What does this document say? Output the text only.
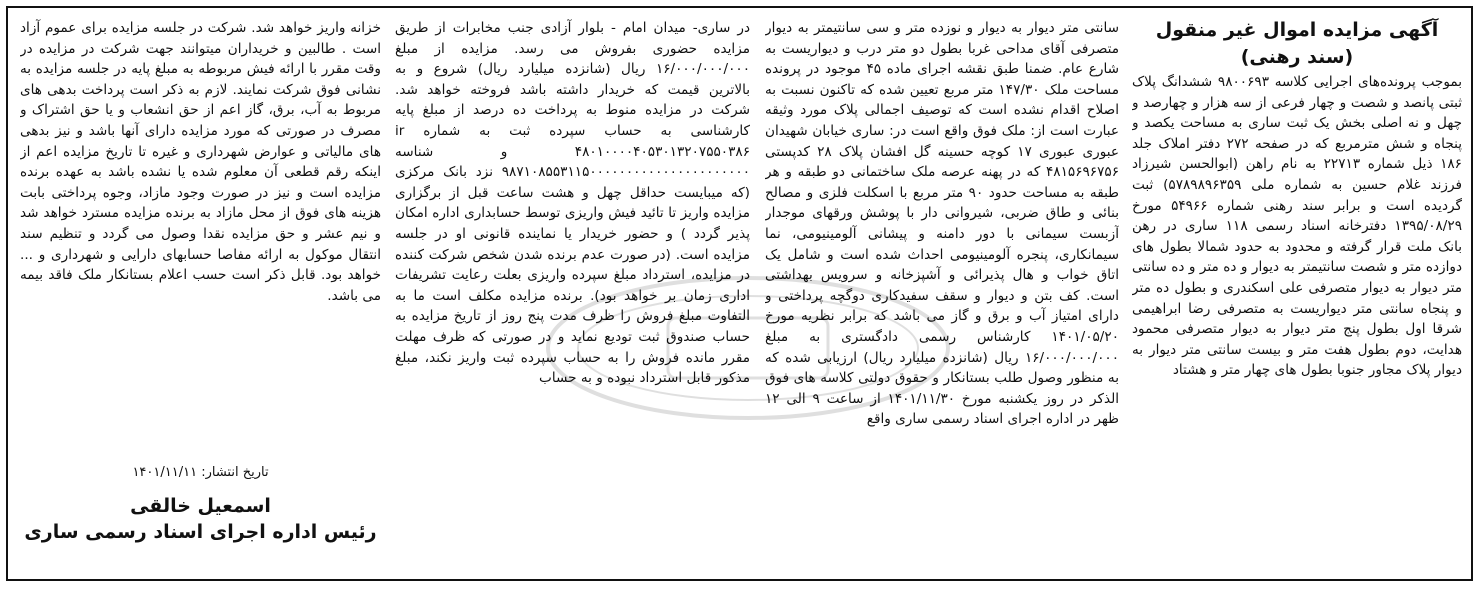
آگهی مزایده اموال غیر منقول
(سند رهنی)

بموجب پرونده‌های اجرایی کلاسه ۹۸۰۰۶۹۳ ششدانگ پلاک ثبتی پانصد و شصت و چهار فرعی از سه هزار و چهارصد و چهل و نه اصلی بخش یک ثبت ساری به مساحت یکصد و پنجاه و شش مترمربع که در صفحه ۲۷۲ دفتر املاک جلد ۱۸۶ ذیل شماره ۲۲۷۱۳ به نام راهن (ابوالحسن شیرزاد فرزند غلام حسین به شماره ملی ۵۷۸۹۸۹۶۳۵۹) ثبت گردیده است و برابر سند رهنی شماره ۵۴۹۶۶ مورخ ۱۳۹۵/۰۸/۲۹ دفترخانه اسناد رسمی ۱۱۸ ساری در رهن بانک ملت قرار گرفته و محدود به حدود شمالا بطول های دوازده متر و شصت سانتیمتر به دیوار و ده متر و ده سانتی متر دیوار به دیوار متصرفی علی اسکندری و بطول ده متر و پنجاه سانتی متر دیواریست به متصرفی رضا ابراهیمی شرقا اول بطول پنج متر دیوار به دیوار متصرفی محمود هدایت، دوم بطول هفت متر و بیست سانتی متر دیوار به دیوار پلاک مجاور جنوبا بطول های چهار متر و هشتاد

سانتی متر دیوار به دیوار و نوزده متر و سی سانتیمتر به دیوار متصرفی آقای مداحی غربا بطول دو متر درب و دیواریست به شارع عام. ضمنا طبق نقشه اجرای ماده ۴۵ موجود در پرونده مساحت ملک ۱۴۷/۳۰ متر مربع تعیین شده که تاکنون نسبت به اصلاح اقدام نشده است که توصیف اجمالی پلاک مورد وثیقه عبارت است از: ملک فوق واقع است در: ساری خیابان شهیدان عبوری عبوری ۱۷ کوچه حسینه گل افشان پلاک ۲۸ کدپستی ۴۸۱۵۶۹۶۷۵۶ که در پهنه عرصه ملک ساختمانی دو طبقه و هر طبقه به مساحت حدود ۹۰ متر مربع با اسکلت فلزی و مصالح بنائی و طاق ضربی، شیروانی دار با پوشش ورقهای موجدار آزبست سیمانی با دور دامنه و پیشانی آلومینیومی، نما سیمانکاری، پنجره آلومینیومی احداث شده است و شامل یک اتاق خواب و هال پذیرائی و آشپزخانه و سرویس بهداشتی است. کف بتن و دیوار و سقف سفیدکاری دوگچه پرداختی و دارای امتیاز آب و برق و گاز می باشد که برابر نظریه مورخ ۱۴۰۱/۰۵/۲۰ کارشناس رسمی دادگستری به مبلغ ۱۶/۰۰۰/۰۰۰/۰۰۰ ریال (شانزده میلیارد ریال) ارزیابی شده که به منظور وصول طلب بستانکار و حقوق دولتی کلاسه های فوق الذکر در روز یکشنبه مورخ ۱۴۰۱/۱۱/۳۰ از ساعت ۹ الی ۱۲ ظهر در اداره اجرای اسناد رسمی ساری واقع

در ساری- میدان امام - بلوار آزادی جنب مخابرات از طریق مزایده حضوری بفروش می رسد. مزایده از مبلغ ۱۶/۰۰۰/۰۰۰/۰۰۰ ریال (شانزده میلیارد ریال) شروع و به بالاترین قیمت که خریدار داشته باشد فروخته خواهد شد. شرکت در مزایده منوط به پرداخت ده درصد از مبلغ پایه کارشناسی به حساب سپرده ثبت به شماره ir ۴۸۰۱۰۰۰۰۴۰۵۳۰۱۳۲۰۷۵۵۰۳۸۶ و شناسه ۹۸۷۱۰۸۵۵۳۱۱۵۰۰۰۰۰۰۰۰۰۰۰۰۰۰۰۰۰۰۰۰۰۰ نزد بانک مرکزی (که میبایست حداقل چهل و هشت ساعت قبل از برگزاری مزایده واریز تا تائید فیش واریزی توسط حسابداری اداره امکان پذیر گردد ) و حضور خریدار یا نماینده قانونی او در جلسه مزایده است. (در صورت عدم برنده شدن شخص شرکت کننده در مزایده، استرداد مبلغ سپرده واریزی بعلت رعایت تشریفات اداری زمان بر خواهد بود). برنده مزایده مکلف است ما به التفاوت مبلغ فروش را ظرف مدت پنج روز از تاریخ مزایده به حساب صندوق ثبت تودیع نماید و در صورتی که ظرف مهلت مقرر مانده فروش را به حساب سپرده ثبت واریز نکند، مبلغ مذکور قابل استرداد نبوده و به حساب

خزانه واریز خواهد شد. شرکت در جلسه مزایده برای عموم آزاد است . طالبین و خریداران میتوانند جهت شرکت در مزایده در وقت مقرر با ارائه فیش مربوطه به مبلغ پایه در جلسه مزایده به نشانی فوق شرکت نمایند. لازم به ذکر است پرداخت بدهی های مربوط به آب، برق، گاز اعم از حق انشعاب و یا حق اشتراک و مصرف در صورتی که مورد مزایده دارای آنها باشد و نیز بدهی های مالیاتی و عوارض شهرداری و غیره تا تاریخ مزایده اعم از اینکه رقم قطعی آن معلوم شده یا نشده باشد به عهده برنده مزایده است و نیز در صورت وجود مازاد، وجوه پرداختی بابت هزینه های فوق از محل مازاد به برنده مزایده مسترد خواهد شد و نیم عشر و حق مزایده نقدا وصول می گردد و تنظیم سند انتقال موکول به ارائه مفاصا حسابهای دارایی و شهرداری و ... خواهد بود. قابل ذکر است حسب اعلام بستانکار ملک فاقد بیمه می باشد.

تاریخ انتشار: ۱۴۰۱/۱۱/۱۱
اسمعیل خالقی
رئیس اداره اجرای اسناد رسمی ساری
